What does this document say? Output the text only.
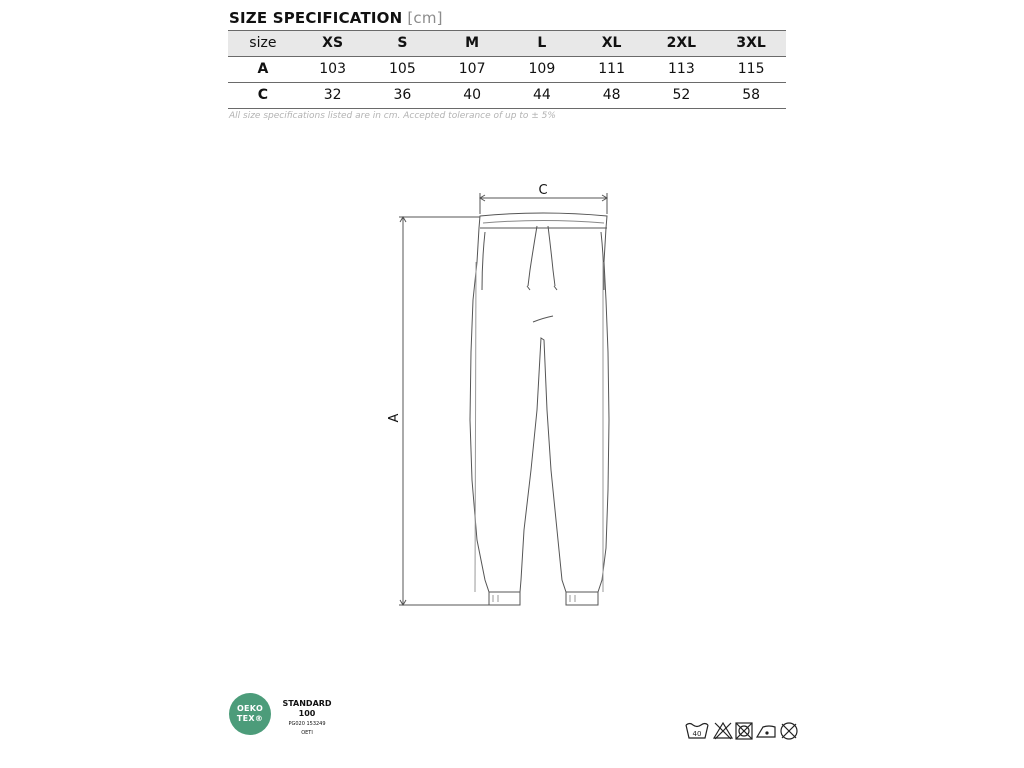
SIZE SPECIFICATION [cm]
size	XS	S	M	L	XL	2XL	3XL
A	103	105	107	109	111	113	115
C	32	36	40	44	48	52	58
All size specifications listed are in cm. Accepted tolerance of up to ± 5%
C
A
OEKO
TEX®
STANDARD
100
PG020 153249
OETI	40
